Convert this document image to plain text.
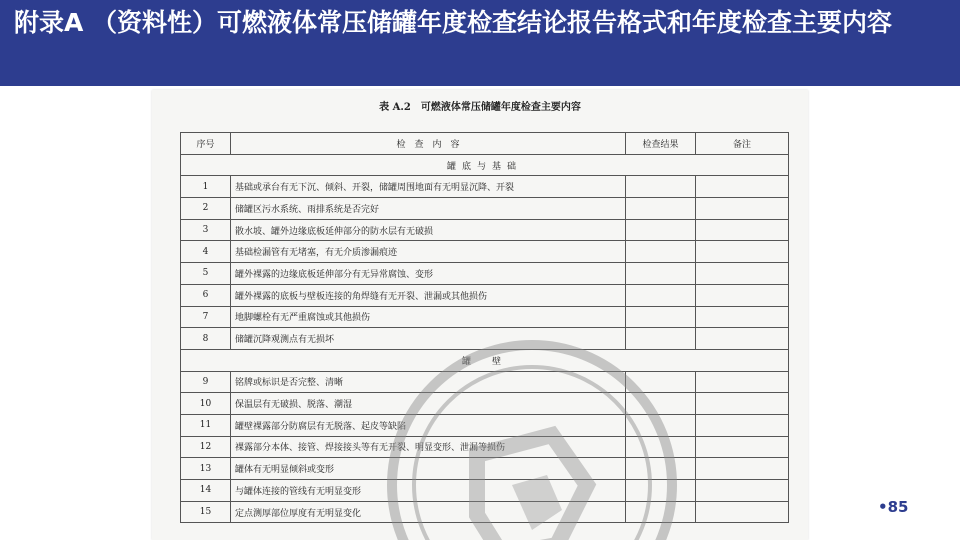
附录A （资料性）可燃液体常压储罐年度检查结论报告格式和年度检查主要内容

表 A.2　可燃液体常压储罐年度检查主要内容
序号	检　查　内　容	检查结果	备注
罐底与基础			
1	基础或承台有无下沉、倾斜、开裂，储罐周围地面有无明显沉降、开裂		
2	储罐区污水系统、雨排系统是否完好		
3	散水坡、罐外边缘底板延伸部分的防水层有无破损		
4	基础检漏管有无堵塞，有无介质渗漏痕迹		
5	罐外裸露的边缘底板延伸部分有无异常腐蚀、变形		
6	罐外裸露的底板与壁板连接的角焊缝有无开裂、泄漏或其他损伤		
7	地脚螺栓有无严重腐蚀或其他损伤		
8	储罐沉降观测点有无损坏		
罐　壁			
9	铭牌或标识是否完整、清晰		
10	保温层有无破损、脱落、潮湿		
11	罐壁裸露部分防腐层有无脱落、起皮等缺陷		
12	裸露部分本体、接管、焊接接头等有无开裂、明显变形、泄漏等损伤		
13	罐体有无明显倾斜或变形		
14	与罐体连接的管线有无明显变形		
15	定点测厚部位厚度有无明显变化			•85
